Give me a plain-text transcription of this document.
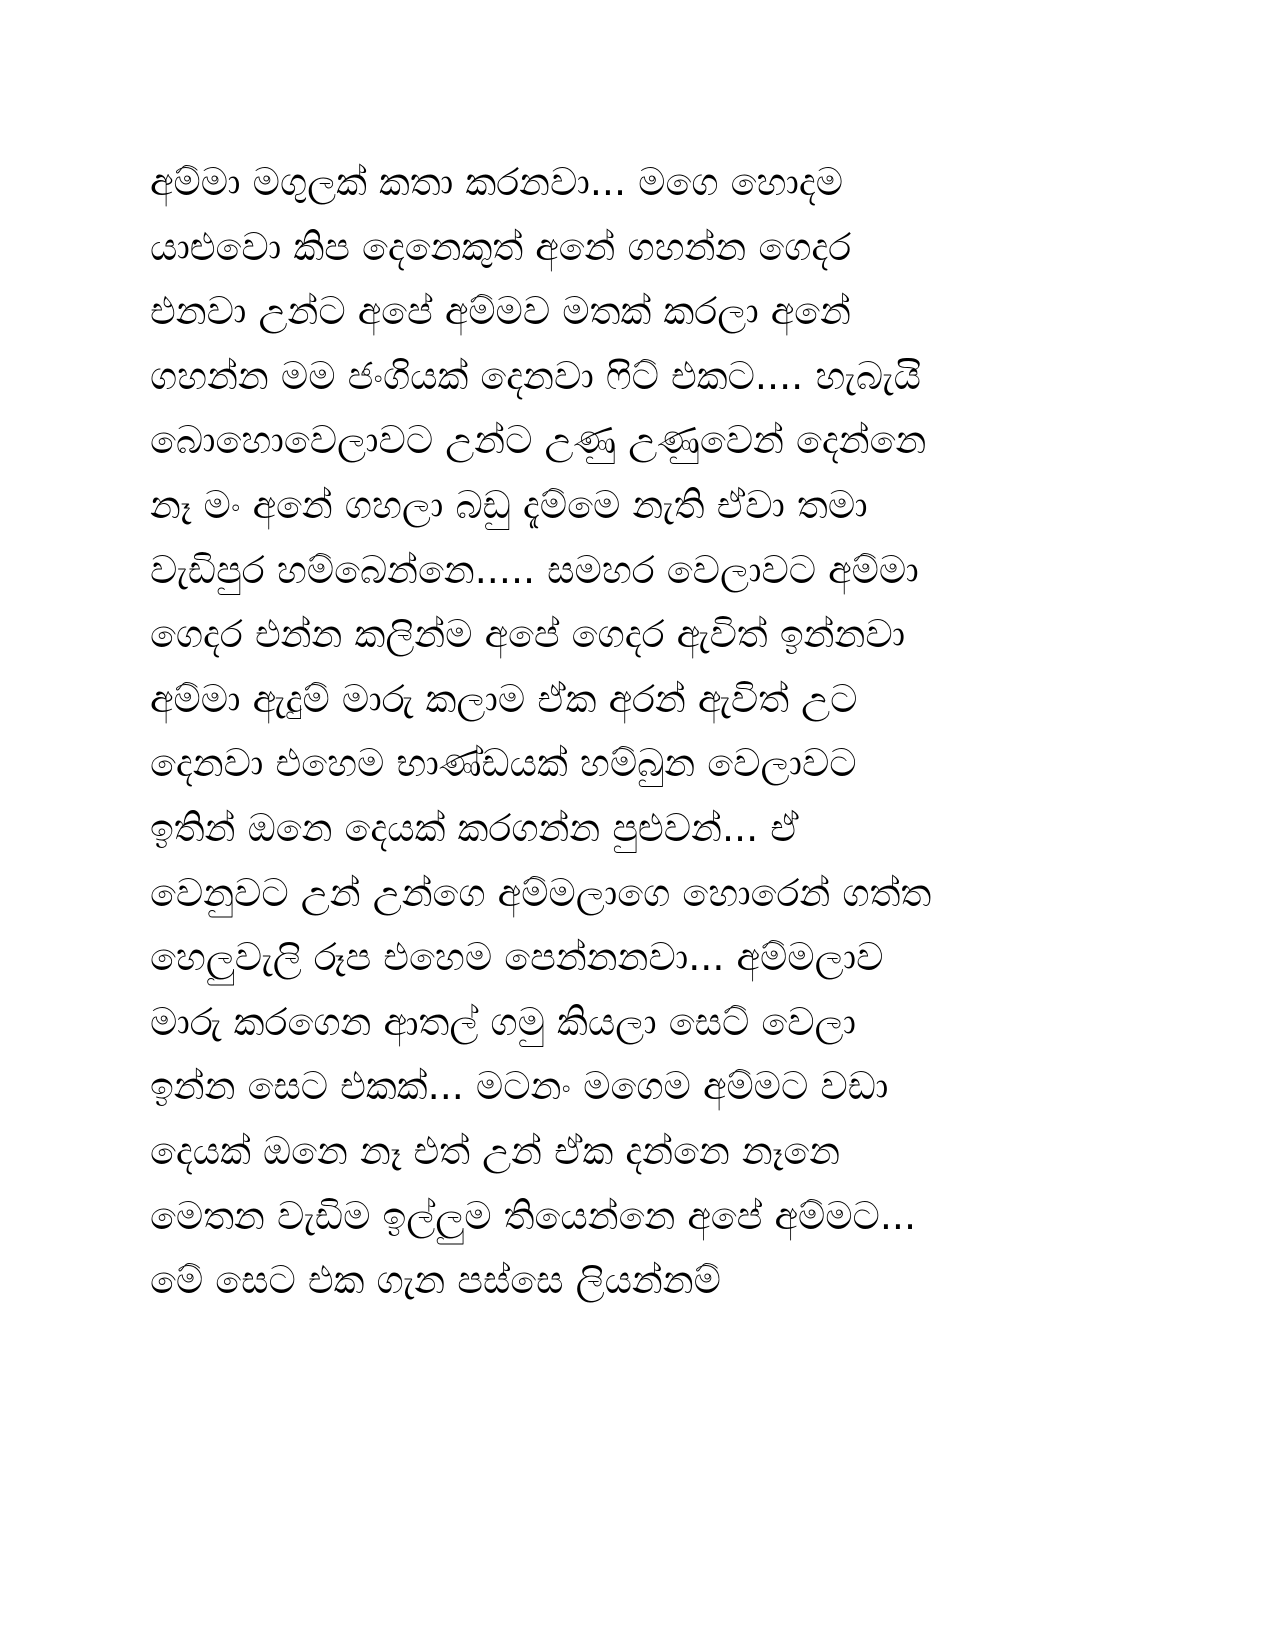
අම්මා මගුලක් කතා කරනවා... මගෙ හොදම
යාළුවො කිප දෙනෙකුත් අනේ ගහන්න ගෙදර
එනවා උන්ට අපේ අම්මව මතක් කරලා අනේ
ගහන්න මම ජංගියක් දෙනවා ෆිට් එකට.... හැබැයි
බොහොවෙලාවට උන්ට උණු උණුවෙන් දෙන්නෙ
නෑ මං අනේ ගහලා බඩු දැම්මෙ නැති ඒවා තමා
වැඩිපුර හම්බෙන්නෙ..... සමහර වෙලාවට අම්මා
ගෙදර එන්න කලින්ම අපේ ගෙදර ඇවිත් ඉන්නවා
අම්මා ඇදුම් මාරු කලාම ඒක අරන් ඇවිත් උට
දෙනවා එහෙම භාණ්ඩයක් හම්බුන වෙලාවට
ඉතින් ඔනෙ දෙයක් කරගන්න පුළුවන්... ඒ
වෙනුවට උන් උන්ගෙ අම්මලාගෙ හොරෙන් ගත්ත
හෙලුවැලි රූප එහෙම පෙන්නනවා... අම්මලාව
මාරු කරගෙන ආතල් ගමු කියලා සෙට් වෙලා
ඉන්න සෙට එකක්... මටනං මගෙම අම්මට වඩා
දෙයක් ඔනෙ නෑ එත් උන් ඒක දන්නෙ නෑනෙ
මෙතන වැඩිම ඉල්ලුම තියෙන්නෙ අපේ අම්මට...
මේ සෙට එක ගැන පස්සෙ ලියන්නම්
